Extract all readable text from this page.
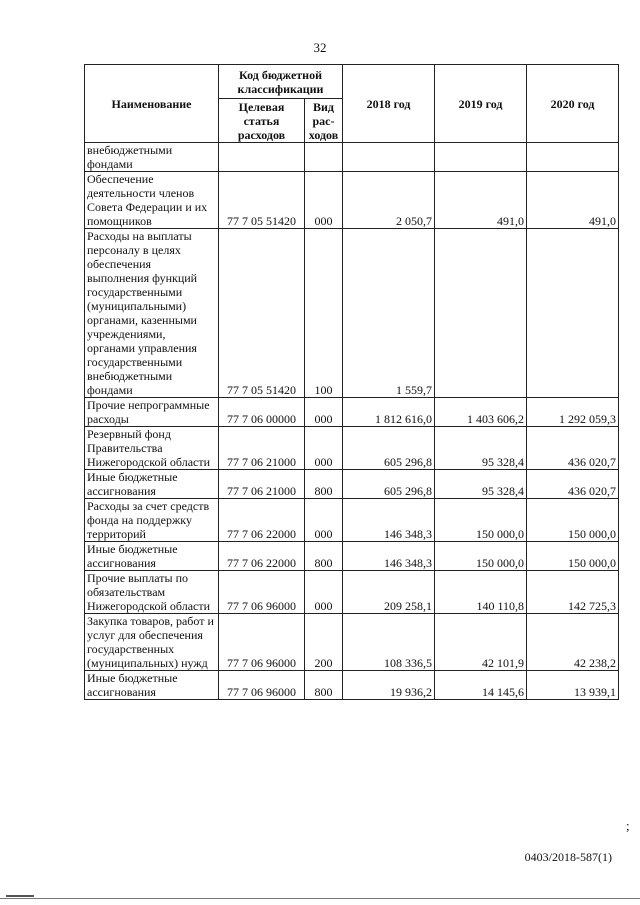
32
Наименование	Код бюджетной классификации		2018 год	2019 год	2020 год
	Целевая статья расходов	Вид рас-ходов			
внебюджетными фондами					
Обеспечение деятельности членов Совета Федерации и их помощников	77 7 05 51420	000	2 050,7	491,0	491,0
Расходы на выплаты персоналу в целях обеспечения выполнения функций государственными (муниципальными) органами, казенными учреждениями, органами управления государственными внебюджетными фондами	77 7 05 51420	100	1 559,7		
Прочие непрограммные расходы	77 7 06 00000	000	1 812 616,0	1 403 606,2	1 292 059,3
Резервный фонд Правительства Нижегородской области	77 7 06 21000	000	605 296,8	95 328,4	436 020,7
Иные бюджетные ассигнования	77 7 06 21000	800	605 296,8	95 328,4	436 020,7
Расходы за счет средств фонда на поддержку территорий	77 7 06 22000	000	146 348,3	150 000,0	150 000,0
Иные бюджетные ассигнования	77 7 06 22000	800	146 348,3	150 000,0	150 000,0
Прочие выплаты по обязательствам Нижегородской области	77 7 06 96000	000	209 258,1	140 110,8	142 725,3
Закупка товаров, работ и услуг для обеспечения государственных (муниципальных) нужд	77 7 06 96000	200	108 336,5	42 101,9	42 238,2
Иные бюджетные ассигнования	77 7 06 96000	800	19 936,2	14 145,6	13 939,1
;
0403/2018-587(1)
